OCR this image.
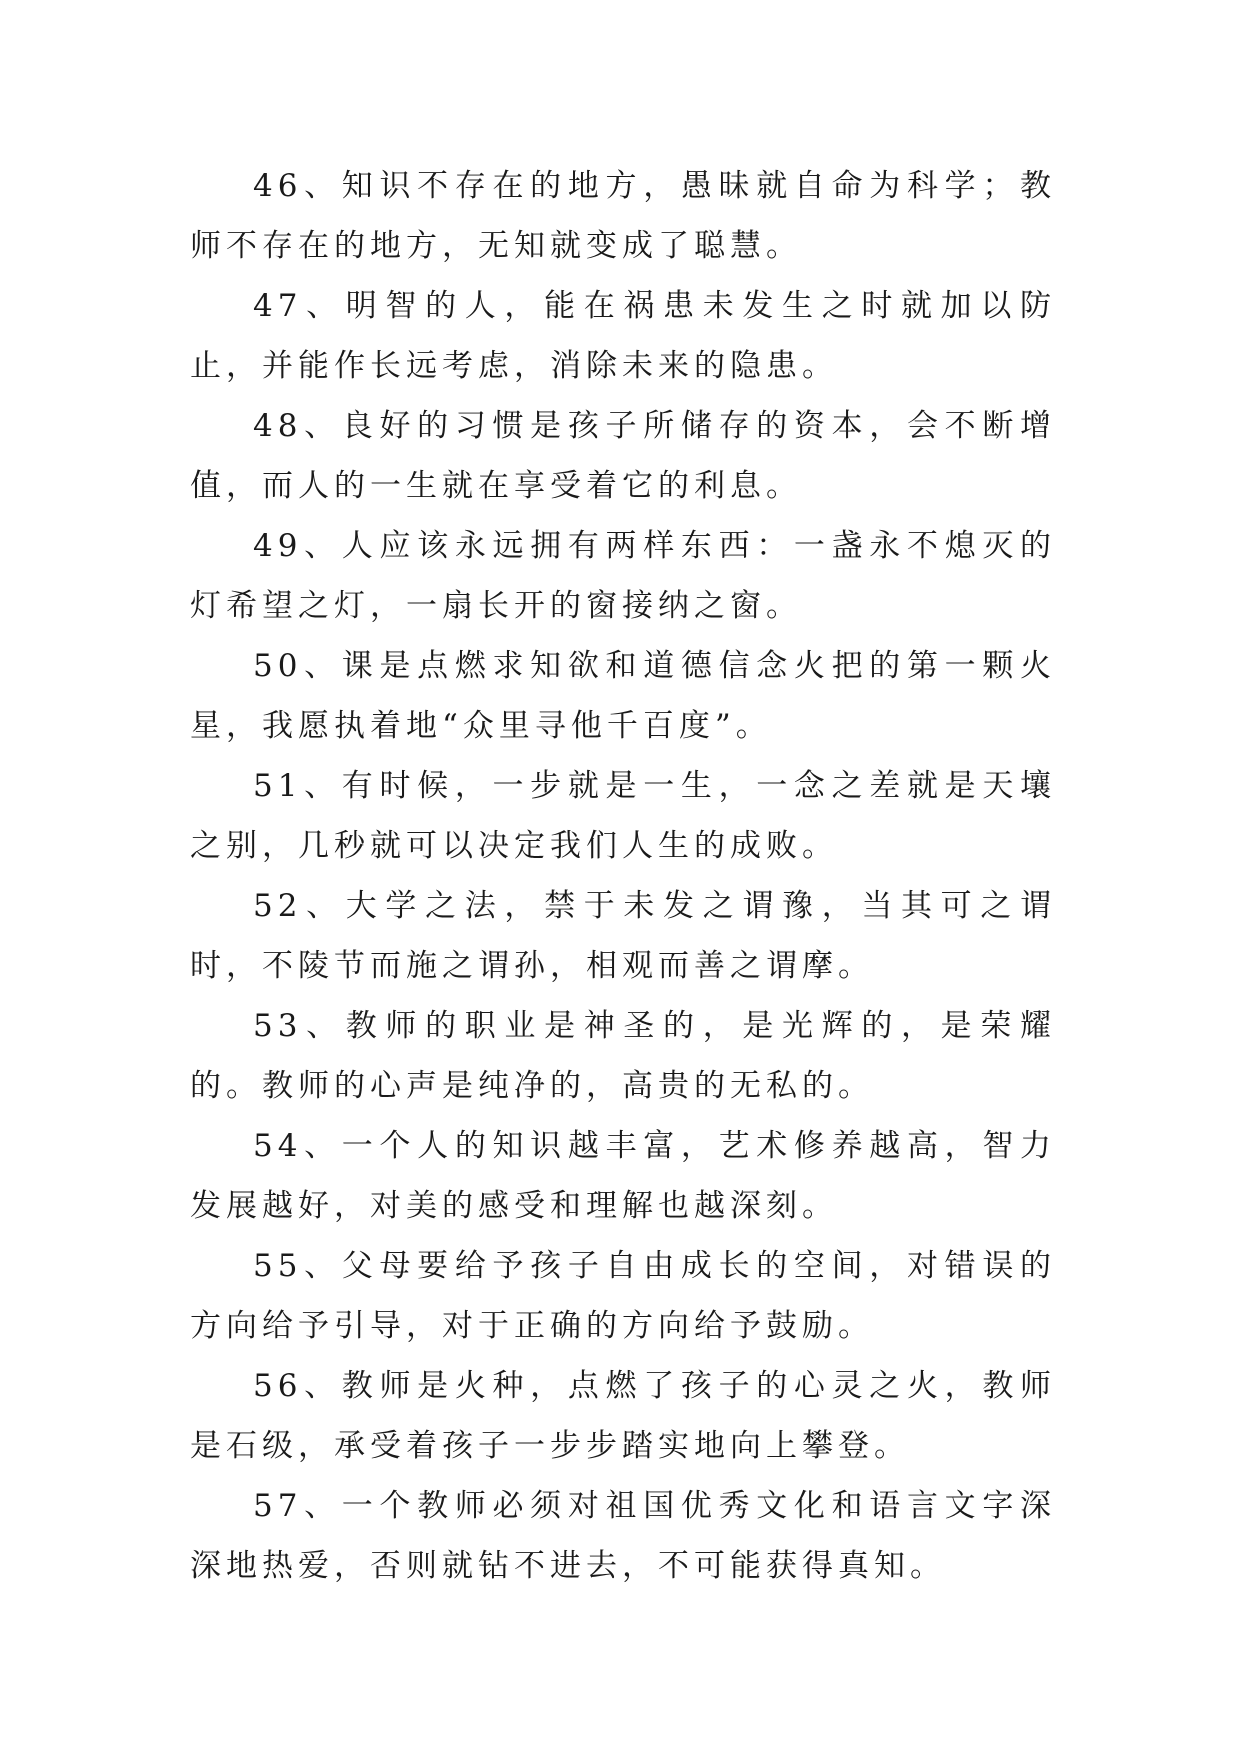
46、知识不存在的地方，愚昧就自命为科学；教师不存在的地方，无知就变成了聪慧。

47、明智的人，能在祸患未发生之时就加以防止，并能作长远考虑，消除未来的隐患。

48、良好的习惯是孩子所储存的资本，会不断增值，而人的一生就在享受着它的利息。

49、人应该永远拥有两样东西：一盏永不熄灭的灯希望之灯，一扇长开的窗接纳之窗。

50、课是点燃求知欲和道德信念火把的第一颗火星，我愿执着地“众里寻他千百度”。

51、有时候，一步就是一生，一念之差就是天壤之别，几秒就可以决定我们人生的成败。

52、大学之法，禁于未发之谓豫，当其可之谓时，不陵节而施之谓孙，相观而善之谓摩。

53、教师的职业是神圣的，是光辉的，是荣耀的。教师的心声是纯净的，高贵的无私的。

54、一个人的知识越丰富，艺术修养越高，智力发展越好，对美的感受和理解也越深刻。

55、父母要给予孩子自由成长的空间，对错误的方向给予引导，对于正确的方向给予鼓励。

56、教师是火种，点燃了孩子的心灵之火，教师是石级，承受着孩子一步步踏实地向上攀登。

57、一个教师必须对祖国优秀文化和语言文字深深地热爱，否则就钻不进去，不可能获得真知。
